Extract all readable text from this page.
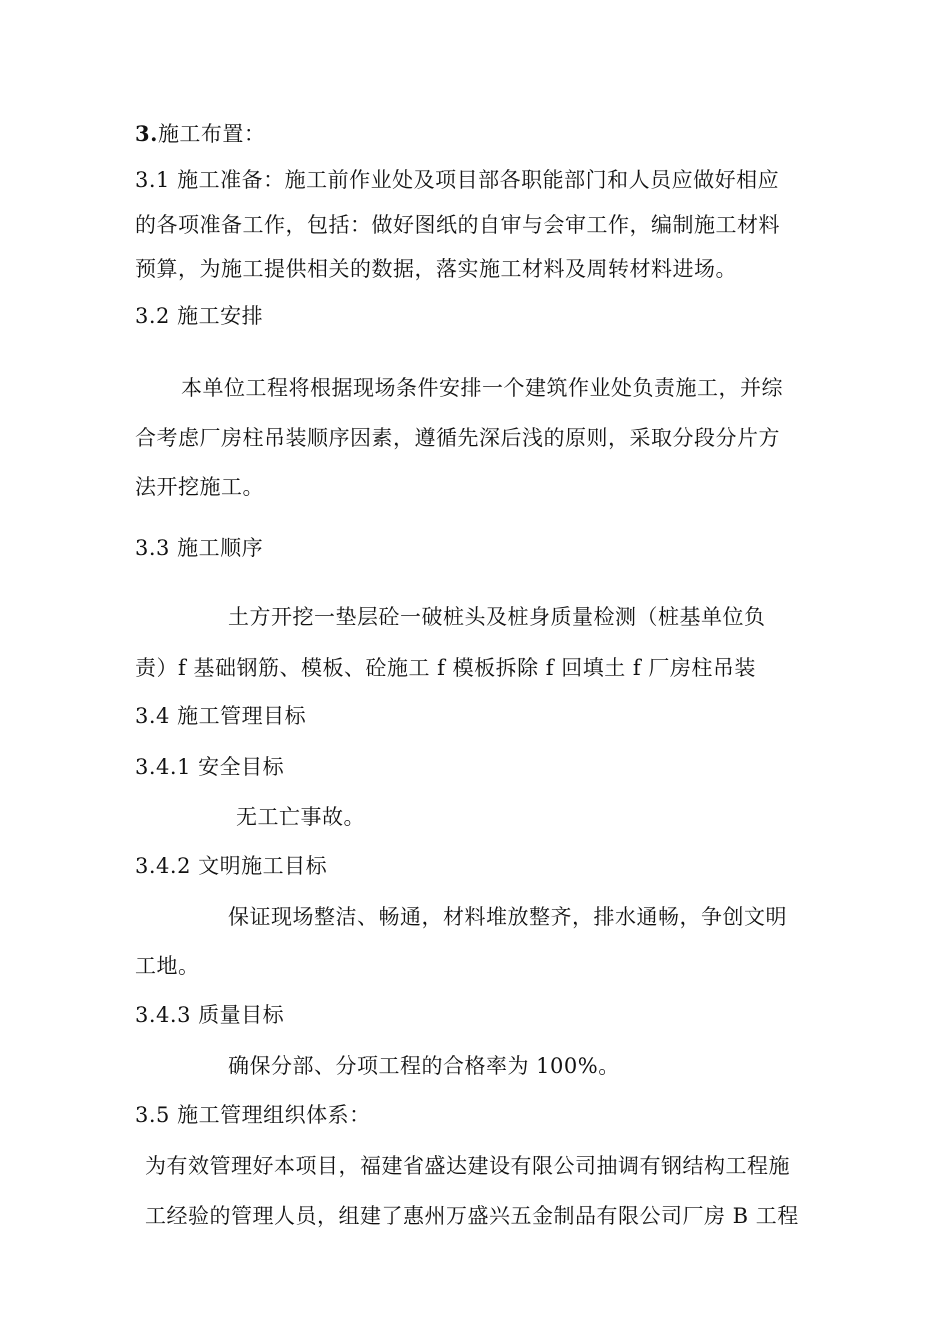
3.施工布置：
3.1 施工准备：施工前作业处及项目部各职能部门和人员应做好相应
的各项准备工作，包括：做好图纸的自审与会审工作，编制施工材料
预算，为施工提供相关的数据，落实施工材料及周转材料进场。
3.2 施工安排
本单位工程将根据现场条件安排一个建筑作业处负责施工，并综
合考虑厂房柱吊装顺序因素，遵循先深后浅的原则，采取分段分片方
法开挖施工。
3.3 施工顺序
土方开挖一垫层砼一破桩头及桩身质量检测（桩基单位负
责）f 基础钢筋、模板、砼施工 f 模板拆除 f 回填土 f 厂房柱吊装
3.4 施工管理目标
3.4.1 安全目标
无工亡事故。
3.4.2 文明施工目标
保证现场整洁、畅通，材料堆放整齐，排水通畅，争创文明
工地。
3.4.3 质量目标
确保分部、分项工程的合格率为 100%。
3.5 施工管理组织体系：
为有效管理好本项目，福建省盛达建设有限公司抽调有钢结构工程施
工经验的管理人员，组建了惠州万盛兴五金制品有限公司厂房 B 工程
